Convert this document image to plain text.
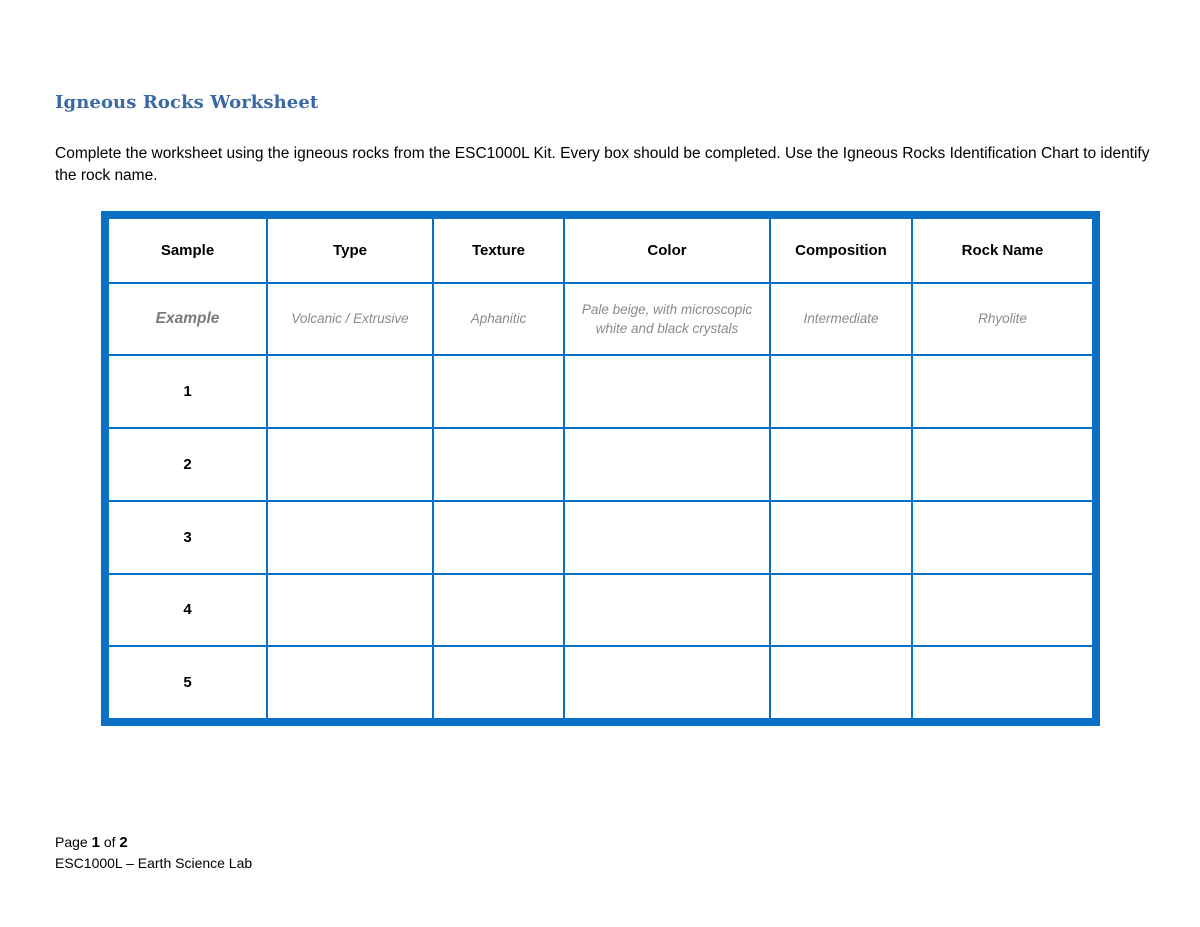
Igneous Rocks Worksheet
Complete the worksheet using the igneous rocks from the ESC1000L Kit. Every box should be completed. Use the Igneous Rocks Identification Chart to identify the rock name.
Sample	Type	Texture	Color	Composition	Rock Name
Example	Volcanic / Extrusive	Aphanitic	Pale beige, with microscopic white and black crystals	Intermediate	Rhyolite
1					
2					
3					
4					
5					
Page 1 of 2
ESC1000L – Earth Science Lab
